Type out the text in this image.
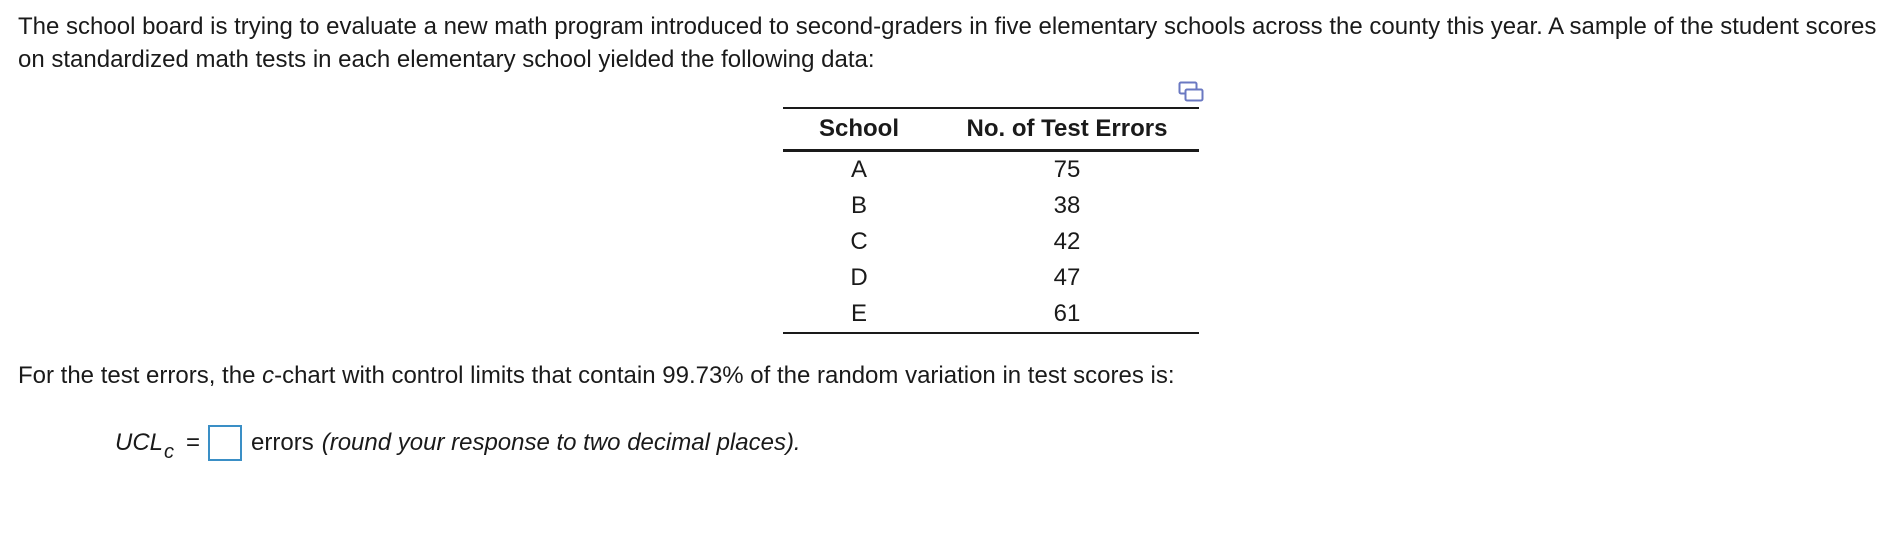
The school board is trying to evaluate a new math program introduced to second-graders in five elementary schools across the county this year. A sample of the student scores on standardized math tests in each elementary school yielded the following data:

School	No. of Test Errors
A	75
B	38
C	42
D	47
E	61

For the test errors, the c-chart with control limits that contain 99.73% of the random variation in test scores is:

UCL c = errors (round your response to two decimal places).
